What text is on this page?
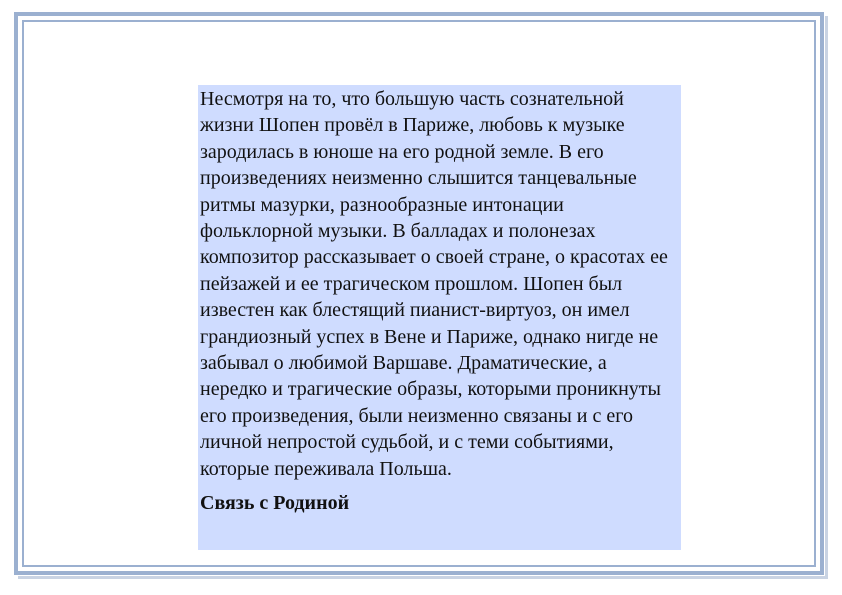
Несмотря на то, что большую часть сознательной жизни Шопен провёл в Париже, любовь к музыке зародилась в юноше на его родной земле. В его произведениях неизменно слышится танцевальные ритмы мазурки, разнообразные интонации фольклорной музыки. В балладах и полонезах композитор рассказывает о своей стране, о красотах ее пейзажей и ее трагическом прошлом. Шопен был известен как блестящий пианист-виртуоз, он имел грандиозный успех в Вене и Париже, однако нигде не забывал о любимой Варшаве. Драматические, а нередко и трагические образы, которыми проникнуты его произведения, были неизменно связаны и с его личной непростой судьбой, и с теми событиями, которые переживала Польша.

Связь с Родиной
